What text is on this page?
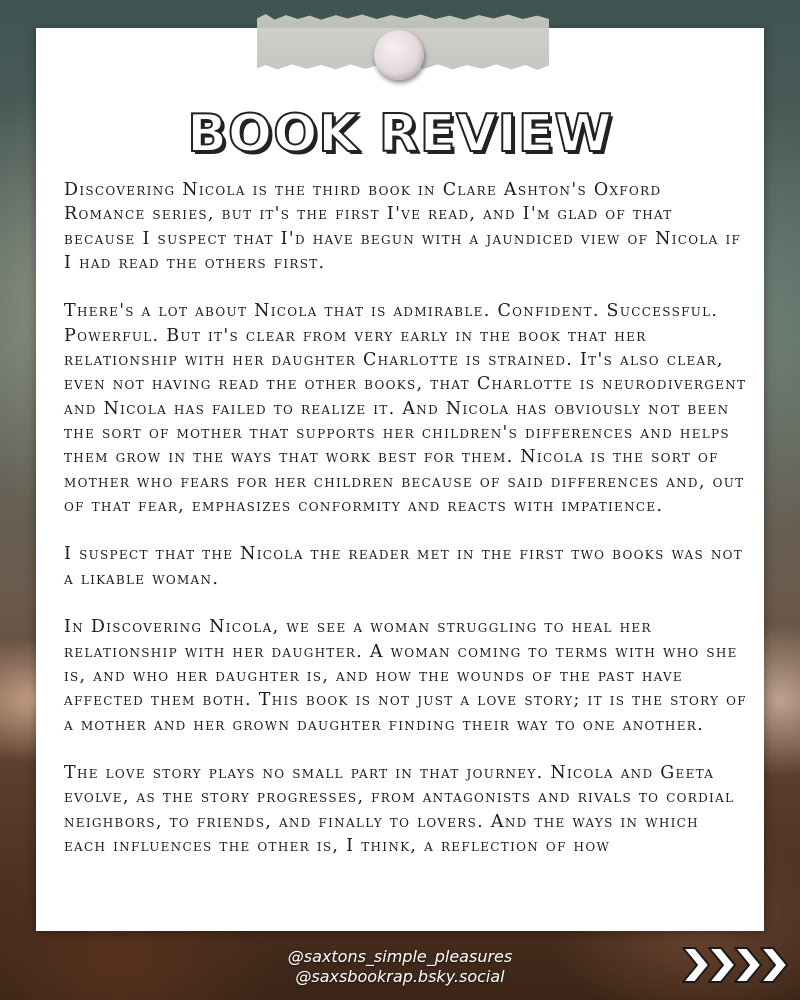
BOOK REVIEW

Discovering Nicola is the third book in Clare Ashton's Oxford Romance series, but it's the first I've read, and I'm glad of that because I suspect that I'd have begun with a jaundiced view of Nicola if I had read the others first.

There's a lot about Nicola that is admirable. Confident. Successful. Powerful. But it's clear from very early in the book that her relationship with her daughter Charlotte is strained. It's also clear, even not having read the other books, that Charlotte is neurodivergent and Nicola has failed to realize it. And Nicola has obviously not been the sort of mother that supports her children's differences and helps them grow in the ways that work best for them. Nicola is the sort of mother who fears for her children because of said differences and, out of that fear, emphasizes conformity and reacts with impatience.

I suspect that the Nicola the reader met in the first two books was not a likable woman.

In Discovering Nicola, we see a woman struggling to heal her relationship with her daughter. A woman coming to terms with who she is, and who her daughter is, and how the wounds of the past have affected them both. This book is not just a love story; it is the story of a mother and her grown daughter finding their way to one another.

The love story plays no small part in that journey. Nicola and Geeta evolve, as the story progresses, from antagonists and rivals to cordial neighbors, to friends, and finally to lovers. And the ways in which each influences the other is, I think, a reflection of how

@saxtons_simple_pleasures
@saxsbookrap.bsky.social
